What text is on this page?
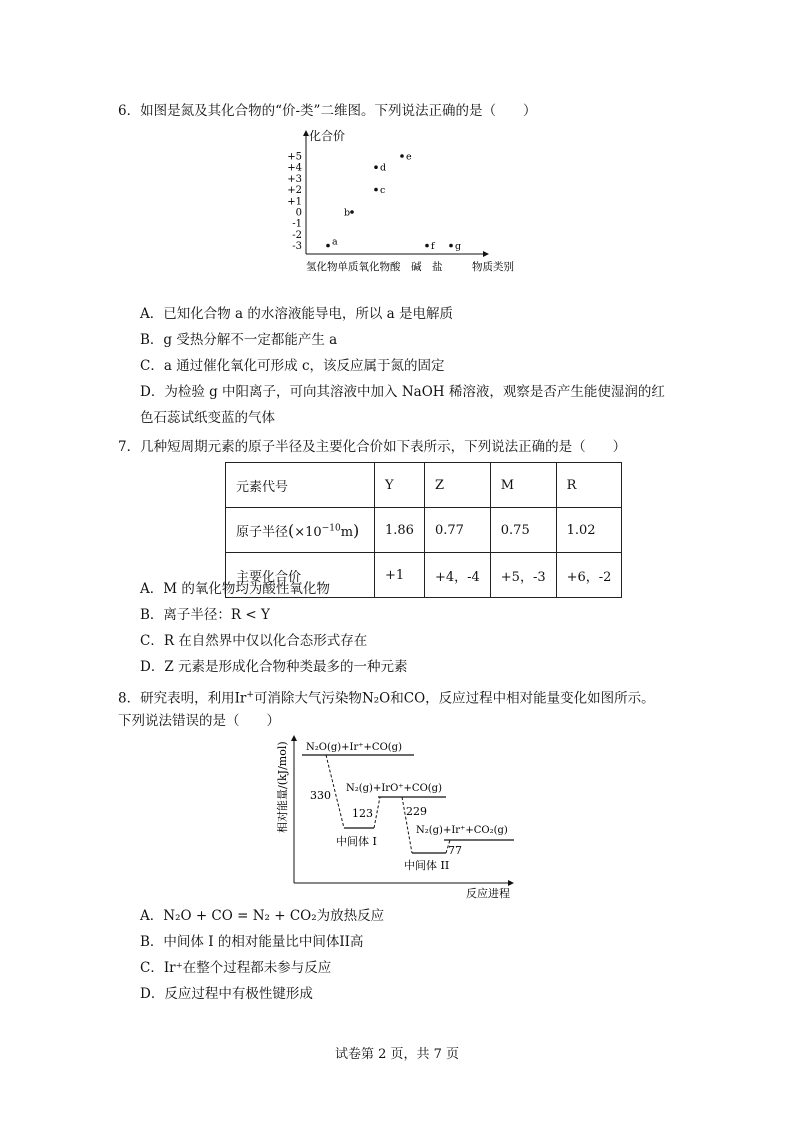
6．如图是氮及其化合物的“价-类”二维图。下列说法正确的是（　　）
化合价
+5
+4
+3
+2
+1
0
-1
-2
-3
氢化物单质氧化物酸　碱　盐	物质类别
a
b
c
d
e
f g
A．已知化合物 a 的水溶液能导电，所以 a 是电解质
B．g 受热分解不一定都能产生 a
C．a 通过催化氧化可形成 c，该反应属于氮的固定
D．为检验 g 中阳离子，可向其溶液中加入 NaOH 稀溶液，观察是否产生能使湿润的红
色石蕊试纸变蓝的气体
7．几种短周期元素的原子半径及主要化合价如下表所示，下列说法正确的是（　　）
元素代号	Y	Z	M	R
原子半径$(\times 10^{-10}m)$	1.86	0.77	0.75	1.02
主要化合价	+1	+4，-4	+5，-3	+6，-2
A．M 的氧化物均为酸性氧化物
B．离子半径：R < Y
C．R 在自然界中仅以化合态形式存在
D．Z 元素是形成化合物种类最多的一种元素
8．研究表明，利用Ir+可消除大气污染物N₂O和CO，反应过程中相对能量变化如图所示。
下列说法错误的是（　　）
相对能量/(kJ/mol)
反应进程
N₂O(g)+Ir⁺+CO(g)
N₂(g)+IrO⁺+CO(g)
N₂(g)+Ir⁺+CO₂(g)
330
123	229
77
中间体 I
中间体 II
A．N₂O + CO = N₂ + CO₂为放热反应
B．中间体 I 的相对能量比中间体II高
C．Ir⁺在整个过程都未参与反应
D．反应过程中有极性键形成
试卷第 2 页，共 7 页
